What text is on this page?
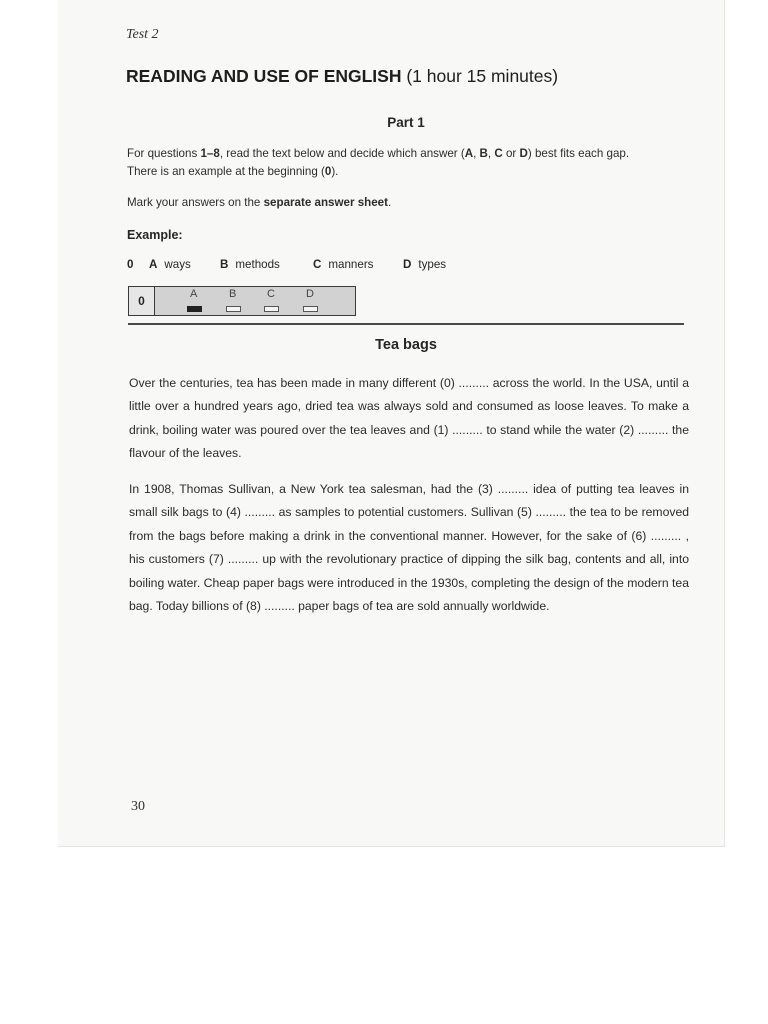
Test 2
READING AND USE OF ENGLISH (1 hour 15 minutes)
Part 1
For questions 1–8, read the text below and decide which answer (A, B, C or D) best fits each gap.
There is an example at the beginning (0).
Mark your answers on the separate answer sheet.
Example:
0	A ways	B methods	C manners	D types
0	A	B	C	D
Tea bags
Over the centuries, tea has been made in many different (0) ......... across the world. In the USA, until a little over a hundred years ago, dried tea was always sold and consumed as loose leaves. To make a drink, boiling water was poured over the tea leaves and (1) ......... to stand while the water (2) ......... the flavour of the leaves.
In 1908, Thomas Sullivan, a New York tea salesman, had the (3) ......... idea of putting tea leaves in small silk bags to (4) ......... as samples to potential customers. Sullivan (5) ......... the tea to be removed from the bags before making a drink in the conventional manner. However, for the sake of (6) ......... , his customers (7) ......... up with the revolutionary practice of dipping the silk bag, contents and all, into boiling water. Cheap paper bags were introduced in the 1930s, completing the design of the modern tea bag. Today billions of (8) ......... paper bags of tea are sold annually worldwide.
30
